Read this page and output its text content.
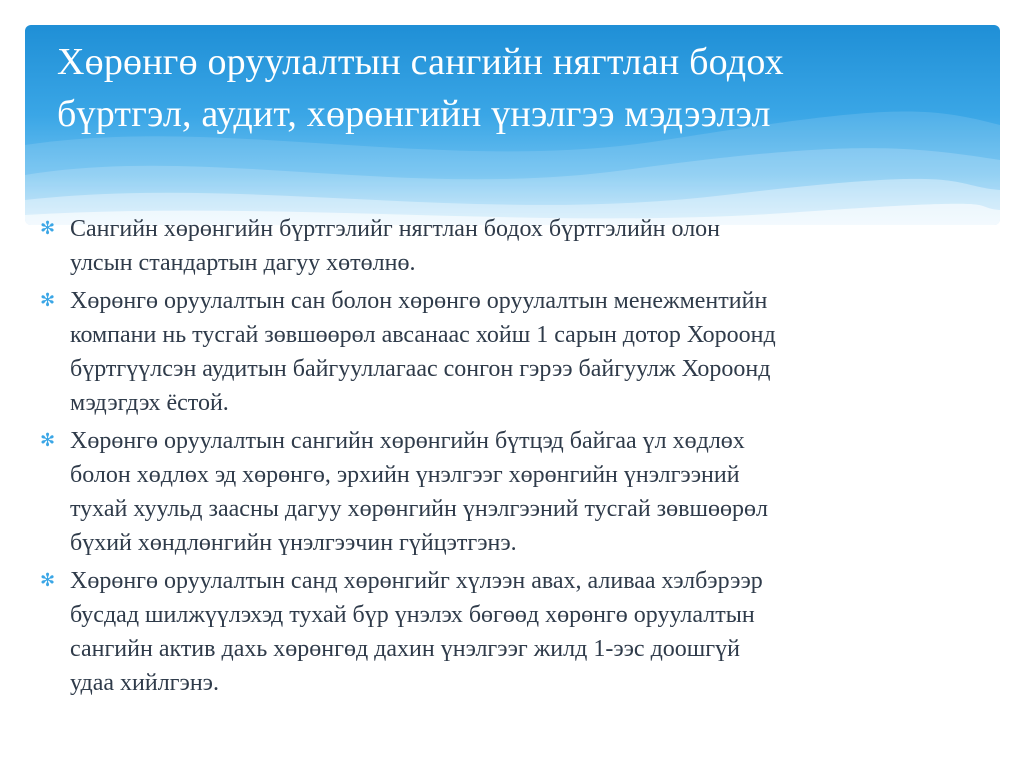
Хөрөнгө оруулалтын сангийн нягтлан бодох
бүртгэл, аудит, хөрөнгийн үнэлгээ мэдээлэл
✻ Сангийн хөрөнгийн бүртгэлийг нягтлан бодох бүртгэлийн олон
улсын стандартын дагуу хөтөлнө.
✻ Хөрөнгө оруулалтын сан болон хөрөнгө оруулалтын менежментийн
компани нь тусгай зөвшөөрөл авсанаас хойш 1 сарын дотор Хороонд
бүртгүүлсэн аудитын байгууллагаас сонгон гэрээ байгуулж Хороонд
мэдэгдэх ёстой.
✻ Хөрөнгө оруулалтын сангийн хөрөнгийн бүтцэд байгаа үл хөдлөх
болон хөдлөх эд хөрөнгө, эрхийн үнэлгээг хөрөнгийн үнэлгээний
тухай хуульд заасны дагуу хөрөнгийн үнэлгээний тусгай зөвшөөрөл
бүхий хөндлөнгийн үнэлгээчин гүйцэтгэнэ.
✻ Хөрөнгө оруулалтын санд хөрөнгийг хүлээн авах, аливаа хэлбэрээр
бусдад шилжүүлэхэд тухай бүр үнэлэх бөгөөд хөрөнгө оруулалтын
сангийн актив дахь хөрөнгөд дахин үнэлгээг жилд 1-ээс доошгүй
удаа хийлгэнэ.
